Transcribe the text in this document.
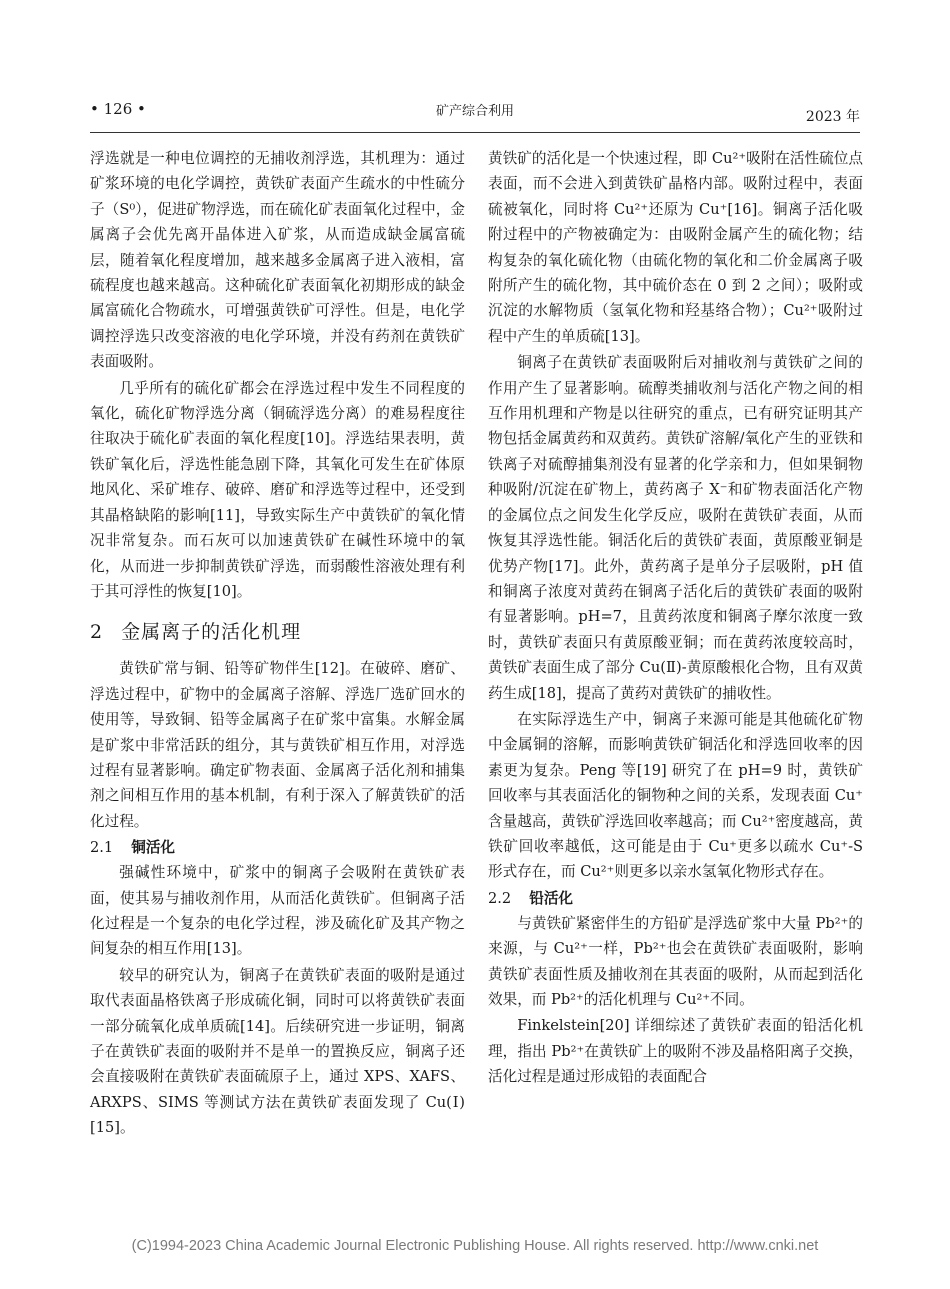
矿产综合利用
• 126 •	2023 年

浮选就是一种电位调控的无捕收剂浮选，其机理为：通过矿浆环境的电化学调控，黄铁矿表面产生疏水的中性硫分子（S⁰），促进矿物浮选，而在硫化矿表面氧化过程中，金属离子会优先离开晶体进入矿浆，从而造成缺金属富硫层，随着氧化程度增加，越来越多金属离子进入液相，富硫程度也越来越高。这种硫化矿表面氧化初期形成的缺金属富硫化合物疏水，可增强黄铁矿可浮性。但是，电化学调控浮选只改变溶液的电化学环境，并没有药剂在黄铁矿表面吸附。

几乎所有的硫化矿都会在浮选过程中发生不同程度的氧化，硫化矿物浮选分离（铜硫浮选分离）的难易程度往往取决于硫化矿表面的氧化程度[10]。浮选结果表明，黄铁矿氧化后，浮选性能急剧下降，其氧化可发生在矿体原地风化、采矿堆存、破碎、磨矿和浮选等过程中，还受到其晶格缺陷的影响[11]，导致实际生产中黄铁矿的氧化情况非常复杂。而石灰可以加速黄铁矿在碱性环境中的氧化，从而进一步抑制黄铁矿浮选，而弱酸性溶液处理有利于其可浮性的恢复[10]。

2 金属离子的活化机理

黄铁矿常与铜、铅等矿物伴生[12]。在破碎、磨矿、浮选过程中，矿物中的金属离子溶解、浮选厂选矿回水的使用等，导致铜、铅等金属离子在矿浆中富集。水解金属是矿浆中非常活跃的组分，其与黄铁矿相互作用，对浮选过程有显著影响。确定矿物表面、金属离子活化剂和捕集剂之间相互作用的基本机制，有利于深入了解黄铁矿的活化过程。

2.1 铜活化

强碱性环境中，矿浆中的铜离子会吸附在黄铁矿表面，使其易与捕收剂作用，从而活化黄铁矿。但铜离子活化过程是一个复杂的电化学过程，涉及硫化矿及其产物之间复杂的相互作用[13]。

较早的研究认为，铜离子在黄铁矿表面的吸附是通过取代表面晶格铁离子形成硫化铜，同时可以将黄铁矿表面一部分硫氧化成单质硫[14]。后续研究进一步证明，铜离子在黄铁矿表面的吸附并不是单一的置换反应，铜离子还会直接吸附在黄铁矿表面硫原子上，通过 XPS、XAFS、ARXPS、SIMS 等测试方法在黄铁矿表面发现了 Cu(Ⅰ)[15]。

黄铁矿的活化是一个快速过程，即 Cu²⁺吸附在活性硫位点表面，而不会进入到黄铁矿晶格内部。吸附过程中，表面硫被氧化，同时将 Cu²⁺还原为 Cu⁺[16]。铜离子活化吸附过程中的产物被确定为：由吸附金属产生的硫化物；结构复杂的氧化硫化物（由硫化物的氧化和二价金属离子吸附所产生的硫化物，其中硫价态在 0 到 2 之间）；吸附或沉淀的水解物质（氢氧化物和羟基络合物）；Cu²⁺吸附过程中产生的单质硫[13]。

铜离子在黄铁矿表面吸附后对捕收剂与黄铁矿之间的作用产生了显著影响。硫醇类捕收剂与活化产物之间的相互作用机理和产物是以往研究的重点，已有研究证明其产物包括金属黄药和双黄药。黄铁矿溶解/氧化产生的亚铁和铁离子对硫醇捕集剂没有显著的化学亲和力，但如果铜物种吸附/沉淀在矿物上，黄药离子 X⁻和矿物表面活化产物的金属位点之间发生化学反应，吸附在黄铁矿表面，从而恢复其浮选性能。铜活化后的黄铁矿表面，黄原酸亚铜是优势产物[17]。此外，黄药离子是单分子层吸附，pH 值和铜离子浓度对黄药在铜离子活化后的黄铁矿表面的吸附有显著影响。pH=7，且黄药浓度和铜离子摩尔浓度一致时，黄铁矿表面只有黄原酸亚铜；而在黄药浓度较高时，黄铁矿表面生成了部分 Cu(Ⅱ)-黄原酸根化合物，且有双黄药生成[18]，提高了黄药对黄铁矿的捕收性。

在实际浮选生产中，铜离子来源可能是其他硫化矿物中金属铜的溶解，而影响黄铁矿铜活化和浮选回收率的因素更为复杂。Peng 等[19] 研究了在 pH=9 时，黄铁矿回收率与其表面活化的铜物种之间的关系，发现表面 Cu⁺含量越高，黄铁矿浮选回收率越高；而 Cu²⁺密度越高，黄铁矿回收率越低，这可能是由于 Cu⁺更多以疏水 Cu⁺-S 形式存在，而 Cu²⁺则更多以亲水氢氧化物形式存在。

2.2 铅活化

与黄铁矿紧密伴生的方铅矿是浮选矿浆中大量 Pb²⁺的来源，与 Cu²⁺一样，Pb²⁺也会在黄铁矿表面吸附，影响黄铁矿表面性质及捕收剂在其表面的吸附，从而起到活化效果，而 Pb²⁺的活化机理与 Cu²⁺不同。

Finkelstein[20] 详细综述了黄铁矿表面的铅活化机理，指出 Pb²⁺在黄铁矿上的吸附不涉及晶格阳离子交换，活化过程是通过形成铅的表面配合

(C)1994-2023 China Academic Journal Electronic Publishing House. All rights reserved. http://www.cnki.net
